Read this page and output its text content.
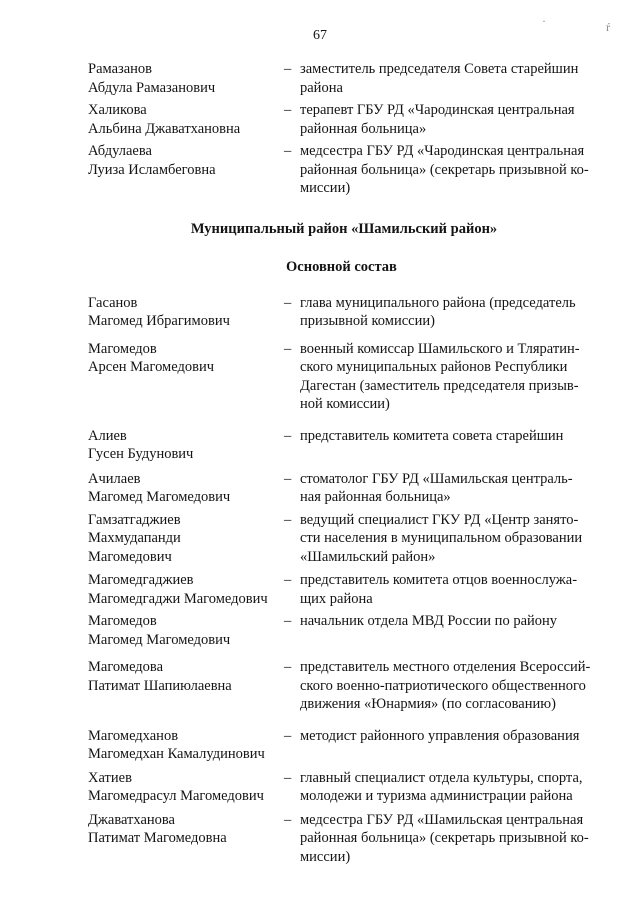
67
·	ŕ
Рамазанов
Абдула Рамазанович
– заместитель председателя Совета старейшин
района
Халикова
Альбина Джаватхановна
– терапевт ГБУ РД «Чародинская центральная
районная больница»
Абдулаева
Луиза Исламбеговна
– медсестра ГБУ РД «Чародинская центральная
районная больница» (секретарь призывной ко-
миссии)
Муниципальный район «Шамильский район»
Основной состав
Гасанов
Магомед Ибрагимович
– глава муниципального района (председатель
призывной комиссии)
Магомедов
Арсен Магомедович
– военный комиссар Шамильского и Тляратин-
ского муниципальных районов Республики
Дагестан (заместитель председателя призыв-
ной комиссии)
Алиев
Гусен Будунович
– представитель комитета совета старейшин
Ачилаев
Магомед Магомедович
– стоматолог ГБУ РД «Шамильская централь-
ная районная больница»
Гамзатгаджиев
Махмудапанди
Магомедович
– ведущий специалист ГКУ РД «Центр занято-
сти населения в муниципальном образовании
«Шамильский район»
Магомедгаджиев
Магомедгаджи Магомедович
– представитель комитета отцов военнослужа-
щих района
Магомедов
Магомед Магомедович
– начальник отдела МВД России по району
Магомедова
Патимат Шапиюлаевна
– представитель местного отделения Всероссий-
ского военно-патриотического общественного
движения «Юнармия» (по согласованию)
Магомедханов
Магомедхан Камалудинович
– методист районного управления образования
Хатиев
Магомедрасул Магомедович
– главный специалист отдела культуры, спорта,
молодежи и туризма администрации района
Джаватханова
Патимат Магомедовна
– медсестра ГБУ РД «Шамильская центральная
районная больница» (секретарь призывной ко-
миссии)
